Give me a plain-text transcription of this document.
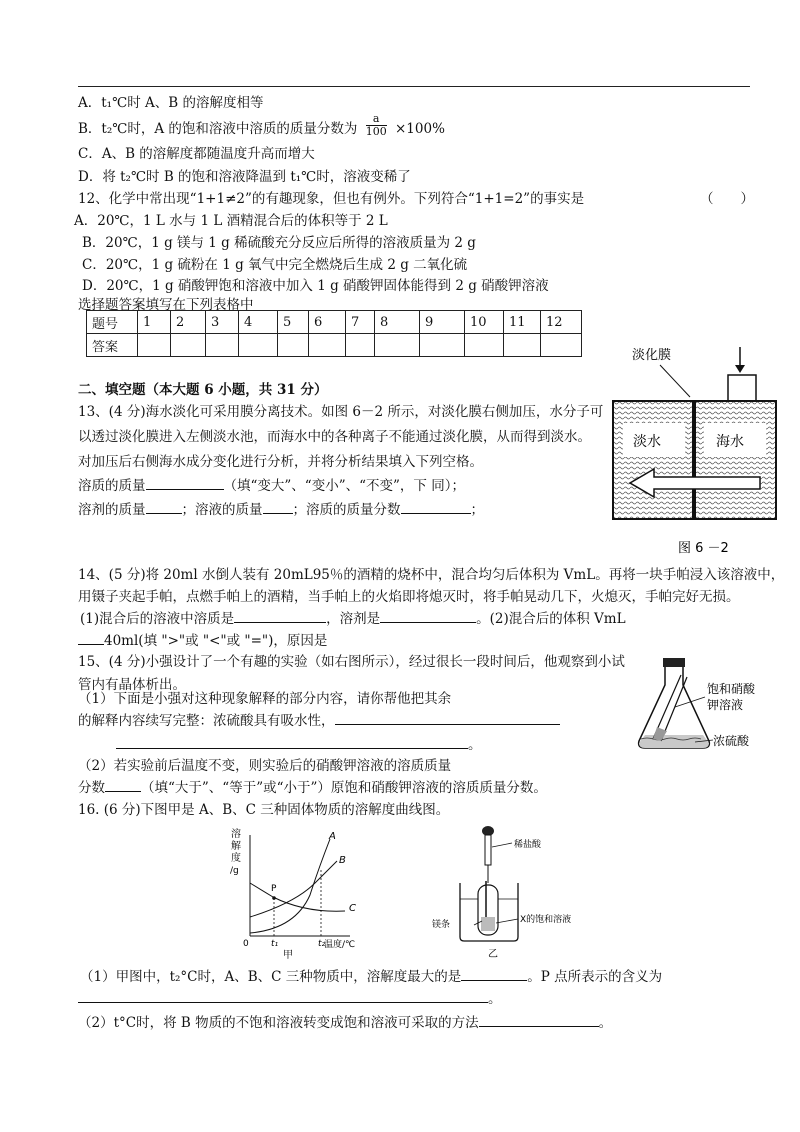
A．t₁℃时 A、B 的溶解度相等
B．t₂℃时，A 的饱和溶液中溶质的质量分数为 $\frac{a}{100} \times 100\%$
C．A、B 的溶解度都随温度升高而增大
D．将 t₂℃时 B 的饱和溶液降温到 t₁℃时，溶液变稀了
12、化学中常出现“1+1≠2”的有趣现象，但也有例外。下列符合“1+1=2”的事实是	（　　）
A．20℃，1 L 水与 1 L 酒精混合后的体积等于 2 L
B．20℃，1 g 镁与 1 g 稀硫酸充分反应后所得的溶液质量为 2 g
C．20℃，1 g 硫粉在 1 g 氧气中完全燃烧后生成 2 g 二氧化硫
D．20℃，1 g 硝酸钾饱和溶液中加入 1 g 硝酸钾固体能得到 2 g 硝酸钾溶液
选择题答案填写在下列表格中
题号	1	2	3	4	5	6	7	8	9	10	11	12
答案												
二、填空题（本大题 6 小题，共 31 分）
13、(4 分)海水淡化可采用膜分离技术。如图 6－2 所示，对淡化膜右侧加压，水分子可
以透过淡化膜进入左侧淡水池，而海水中的各种离子不能通过淡化膜，从而得到淡水。
对加压后右侧海水成分变化进行分析，并将分析结果填入下列空格。
溶质的质量	（填“变大”、“变小”、“不变”，下 同）；
溶剂的质量	；溶液的质量 ；溶质的质量分数	；
淡化膜
淡水	海水
图 6 －2
14、(5 分)将 20ml 水倒人装有 20mL95％的酒精的烧杯中，混合均匀后体积为 VmL。再将一块手帕浸入该溶液中，
用镊子夹起手帕，点燃手帕上的酒精，当手帕上的火焰即将熄灭时，将手帕晃动几下，火熄灭，手帕完好无损。
(1)混合后的溶液中溶质是	，溶剂是	。(2)混合后的体积 VmL
40ml(填 ">"或 "<"或 "=")，原因是
15、(4 分)小强设计了一个有趣的实验（如右图所示），经过很长一段时间后，他观察到小试
管内有晶体析出。
（1）下面是小强对这种现象解释的部分内容，请你帮他把其余
的解释内容续写完整：浓硫酸具有吸水性，
。
（2）若实验前后温度不变，则实验后的硝酸钾溶液的溶质质量
分数	（填“大于”、“等于”或“小于”）原饱和硝酸钾溶液的溶质质量分数。
饱和硝酸
钾溶液
浓硫酸
16. (6 分)下图甲是 A、B、C 三种固体物质的溶解度曲线图。
溶
解
度
/g
A
B
C
P
0 t₁	t₂
温度/℃
甲
稀盐酸
镁条	X的饱和溶液
乙
（1）甲图中，t₂°C时，A、B、C 三种物质中，溶解度最大的是	。P 点所表示的含义为
。
（2）t°C时，将 B 物质的不饱和溶液转变成饱和溶液可采取的方法	。
